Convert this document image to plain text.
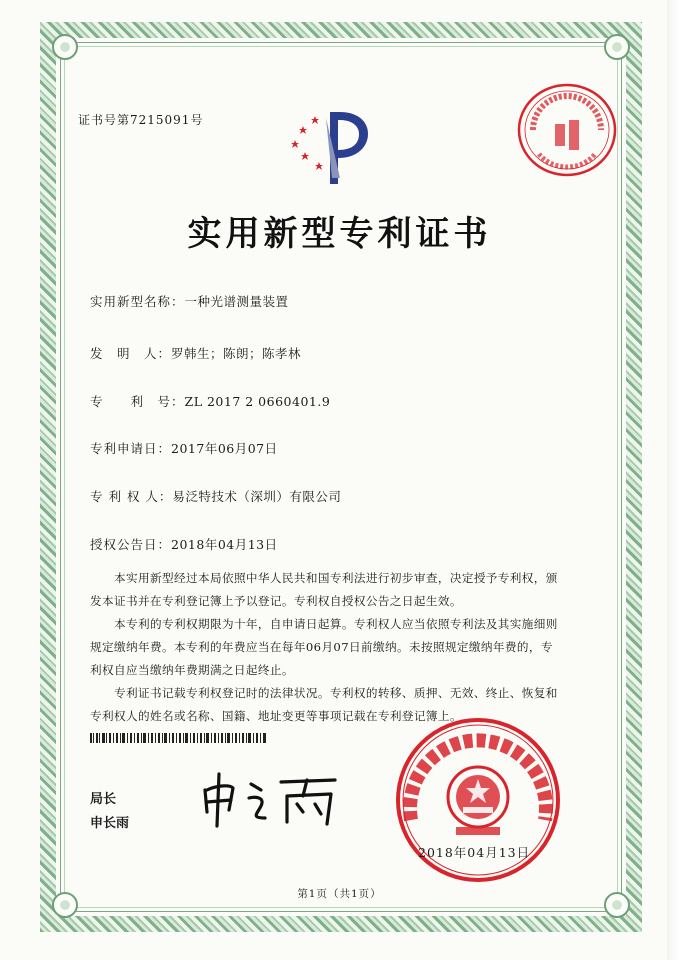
证书号第7215091号
实用新型专利证书
实用新型名称：一种光谱测量装置
发　明　人：罗韩生；陈朗；陈孝林
专　　利　号：ZL 2017 2 0660401.9
专利申请日：2017年06月07日
专 利 权 人：易泛特技术（深圳）有限公司
授权公告日：2018年04月13日
本实用新型经过本局依照中华人民共和国专利法进行初步审查，决定授予专利权，颁
发本证书并在专利登记簿上予以登记。专利权自授权公告之日起生效。
本专利的专利权期限为十年，自申请日起算。专利权人应当依照专利法及其实施细则
规定缴纳年费。本专利的年费应当在每年06月07日前缴纳。未按照规定缴纳年费的，专
利权自应当缴纳年费期满之日起终止。
专利证书记载专利权登记时的法律状况。专利权的转移、质押、无效、终止、恢复和
专利权人的姓名或名称、国籍、地址变更等事项记载在专利登记簿上。
局长
申长雨
2018年04月13日
第1页（共1页）
